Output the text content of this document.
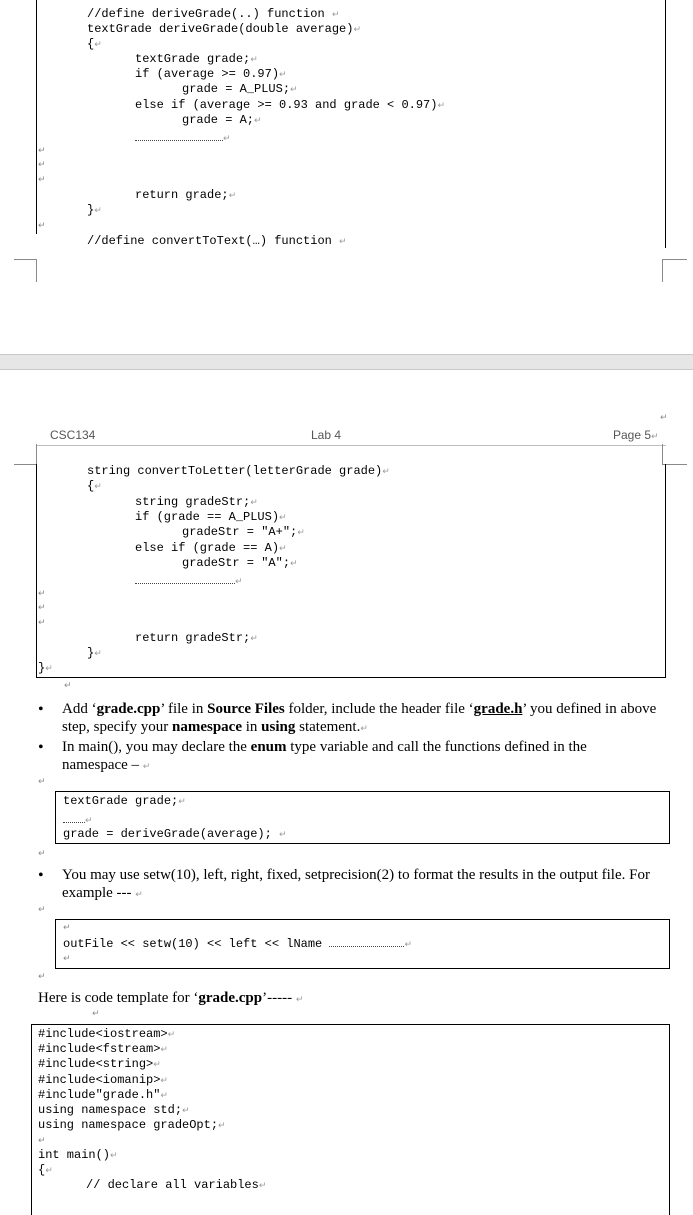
//define deriveGrade(..) function ↵
textGrade deriveGrade(double average)↵
{↵
textGrade grade;↵
if (average >= 0.97)↵
grade = A_PLUS;↵
else if (average >= 0.93 and grade < 0.97)↵
grade = A;↵
↵
↵
↵
↵
return grade;↵
}↵
↵
//define convertToText(…) function ↵
↵
CSC134	Lab 4	Page 5↵
string convertToLetter(letterGrade grade)↵
{↵
string gradeStr;↵
if (grade == A_PLUS)↵
gradeStr = "A+";↵
else if (grade == A)↵
gradeStr = "A";↵
↵
↵
↵
↵
return gradeStr;↵
}↵
}↵
↵
• Add ‘grade.cpp’ file in Source Files folder, include the header file ‘grade.h’ you defined in above step, specify your namespace in using statement.↵
• In main(), you may declare the enum type variable and call the functions defined in the namespace – ↵
↵
textGrade grade;↵
↵
grade = deriveGrade(average); ↵
↵
• You may use setw(10), left, right, fixed, setprecision(2) to format the results in the output file. For example --- ↵
↵
↵
outFile << setw(10) << left << lName	↵
↵
↵
Here is code template for ‘grade.cpp’----- ↵
↵
#include<iostream>↵
#include<fstream>↵
#include<string>↵
#include<iomanip>↵
#include"grade.h"↵
using namespace std;↵
using namespace gradeOpt;↵
↵
int main()↵
{↵
// declare all variables↵
